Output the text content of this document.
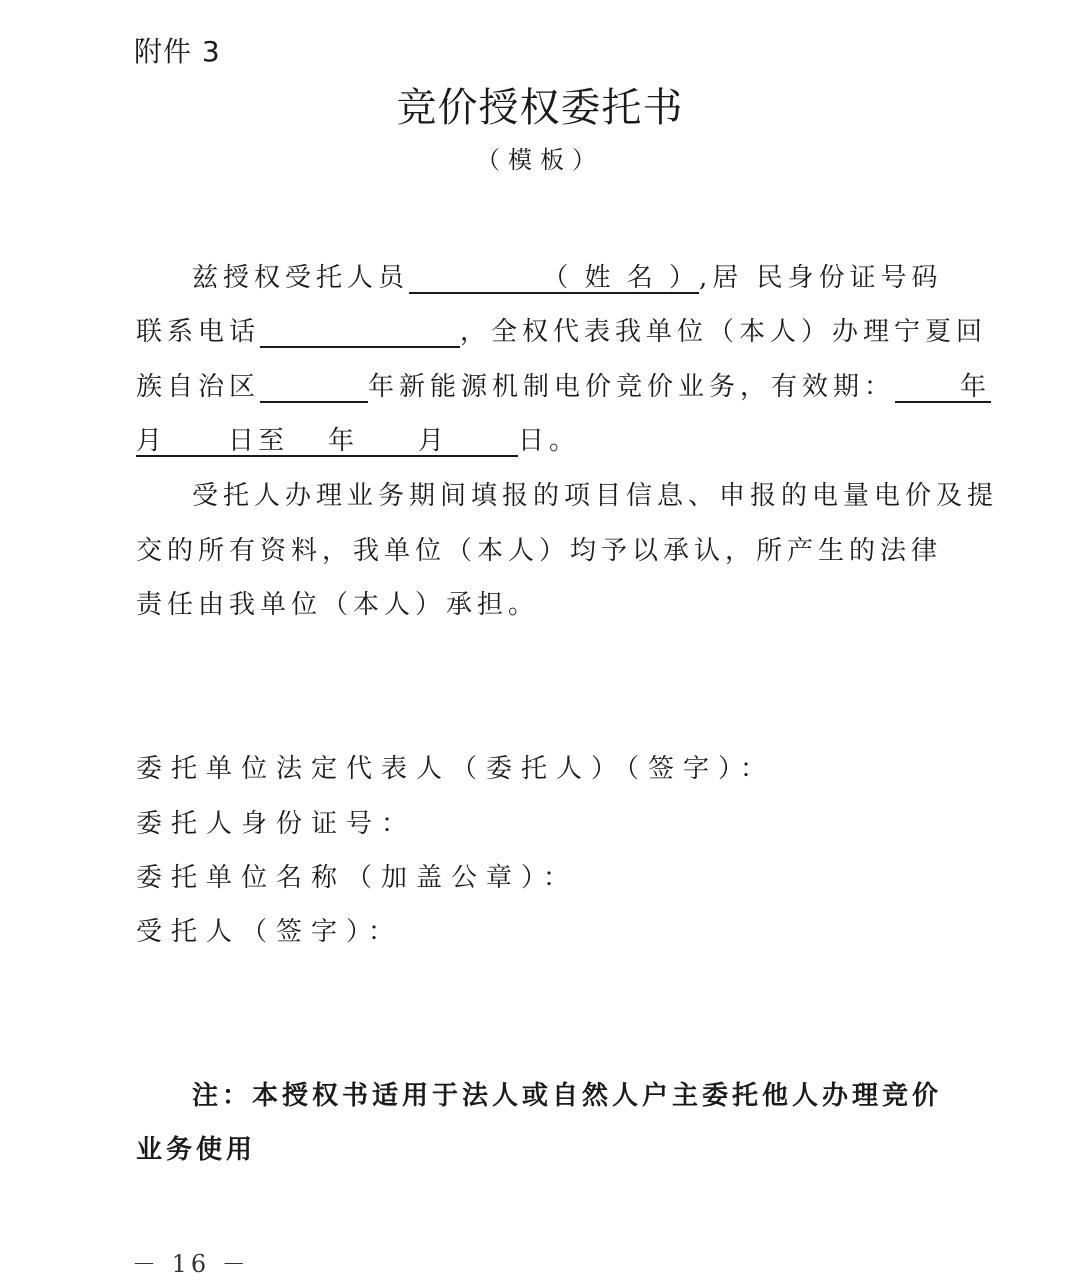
附件 3
竞价授权委托书
（模板）
兹授权受托人员	（ 姓 名 ）,居 民身份证号码
联系电话	，全权代表我单位（本人）办理宁夏回
族自治区	年新能源机制电价竞价业务，有效期： 年
月 日至 年 月	日。
受托人办理业务期间填报的项目信息、申报的电量电价及提
交的所有资料，我单位（本人）均予以承认，所产生的法律
责任由我单位（本人）承担。
委托单位法定代表人（委托人）（签字）：
委托人身份证号：
委托单位名称（加盖公章）：
受托人（签字）：
注：本授权书适用于法人或自然人户主委托他人办理竞价
业务使用
－ 16 －
